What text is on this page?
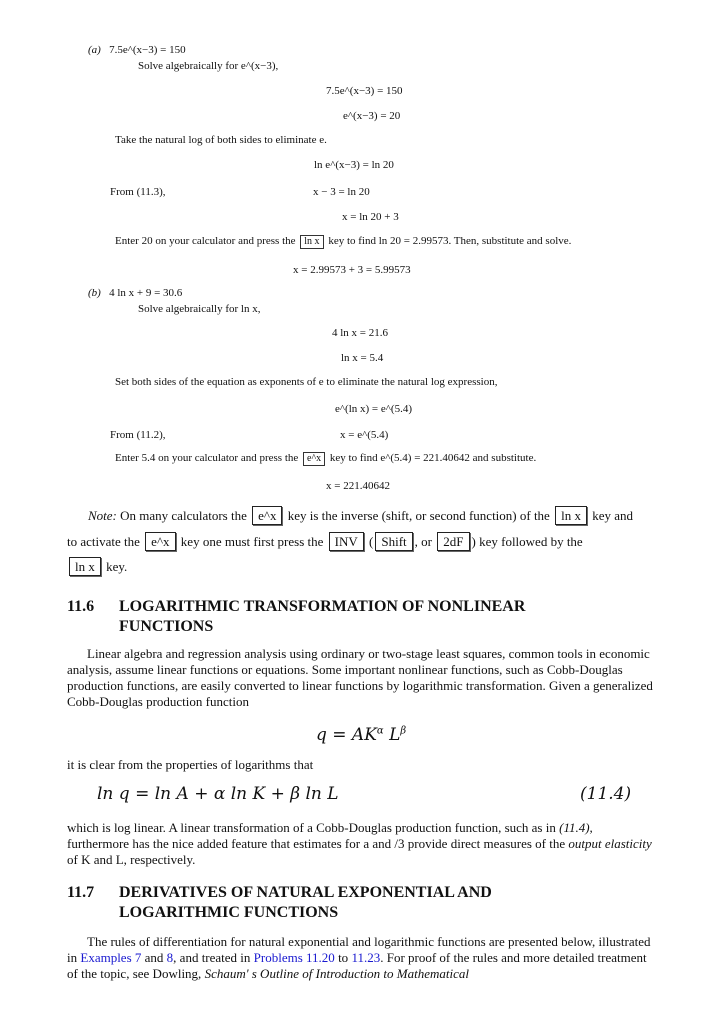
(a) 7.5e^(x−3) = 150
Solve algebraically for e^(x−3),
7.5e^(x−3) = 150
e^(x−3) = 20
Take the natural log of both sides to eliminate e.
ln e^(x−3) = ln 20
From (11.3),	x − 3 = ln 20
x = ln 20 + 3
Enter 20 on your calculator and press the ln x key to find ln 20 = 2.99573. Then, substitute and solve.
x = 2.99573 + 3 = 5.99573
(b) 4 ln x + 9 = 30.6
Solve algebraically for ln x,
4 ln x = 21.6
ln x = 5.4
Set both sides of the equation as exponents of e to eliminate the natural log expression,
e^(ln x) = e^(5.4)
From (11.2),	x = e^(5.4)
Enter 5.4 on your calculator and press the e^x key to find e^(5.4) = 221.40642 and substitute.
x = 221.40642
Note: On many calculators the e^x key is the inverse (shift, or second function) of the ln x key and
to activate the e^x key one must first press the INV ( Shift , or 2dF ) key followed by the
ln x key.
11.6 LOGARITHMIC TRANSFORMATION OF NONLINEAR
FUNCTIONS
Linear algebra and regression analysis using ordinary or two-stage least squares, common tools in economic analysis, assume linear functions or equations. Some important nonlinear functions, such as Cobb-Douglas production functions, are easily converted to linear functions by logarithmic transformation. Given a generalized Cobb-Douglas production function
$q = AK^\alpha$ $L^\beta$
it is clear from the properties of logarithms that
ln q = ln A + α ln K + β ln L	(11.4)
which is log linear. A linear transformation of a Cobb-Douglas production function, such as in (11.4), furthermore has the nice added feature that estimates for a and /3 provide direct measures of the output elasticity of K and L, respectively.
11.7 DERIVATIVES OF NATURAL EXPONENTIAL AND
LOGARITHMIC FUNCTIONS
The rules of differentiation for natural exponential and logarithmic functions are presented below, illustrated in Examples 7 and 8, and treated in Problems 11.20 to 11.23. For proof of the rules and more detailed treatment of the topic, see Dowling, Schaum' s Outline of Introduction to Mathematical
